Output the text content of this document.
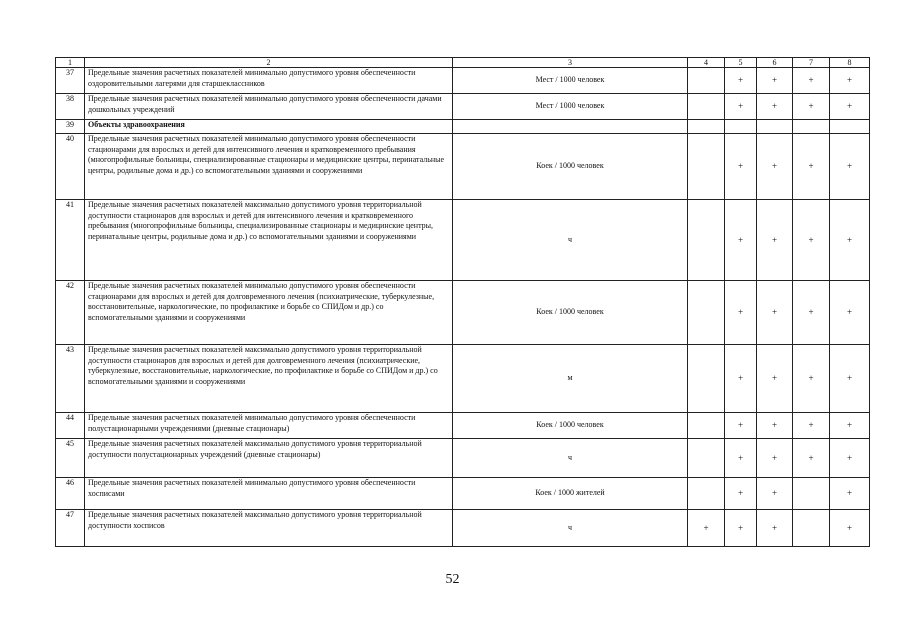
1	2	3	4	5	6	7	8
37	Предельные значения расчетных показателей минимально допустимого уровня обеспеченности оздоровительными лагерями для старшеклассников	Мест / 1000 человек		+	+	+	+
38	Предельные значения расчетных показателей минимально допустимого уровня обеспеченности дачами дошкольных учреждений	Мест / 1000 человек		+	+	+	+
39	Объекты здравоохранения						
40	Предельные значения расчетных показателей минимально допустимого уровня обеспеченности стационарами для взрослых и детей для интенсивного лечения и кратковременного пребывания (многопрофильные больницы, специализированные стационары и медицинские центры, перинатальные центры, родильные дома и др.) со вспомогательными зданиями и сооружениями	Коек / 1000 человек		+	+	+	+
41	Предельные значения расчетных показателей максимально допустимого уровня территориальной доступности стационаров для взрослых и детей для интенсивного лечения и кратковременного пребывания (многопрофильные больницы, специализированные стационары и медицинские центры, перинатальные центры, родильные дома и др.) со вспомогательными зданиями и сооружениями	ч		+	+	+	+
42	Предельные значения расчетных показателей минимально допустимого уровня обеспеченности стационарами для взрослых и детей для долговременного лечения (психиатрические, туберкулезные, восстановительные, наркологические, по профилактике и борьбе со СПИДом и др.) со вспомогательными зданиями и сооружениями	Коек / 1000 человек		+	+	+	+
43	Предельные значения расчетных показателей максимально допустимого уровня территориальной доступности стационаров для взрослых и детей для долговременного лечения (психиатрические, туберкулезные, восстановительные, наркологические, по профилактике и борьбе со СПИДом и др.) со вспомогательными зданиями и сооружениями	м		+	+	+	+
44	Предельные значения расчетных показателей минимально допустимого уровня обеспеченности полустационарными учреждениями (дневные стационары)	Коек / 1000 человек		+	+	+	+
45	Предельные значения расчетных показателей максимально допустимого уровня территориальной доступности полустационарных учреждений (дневные стационары)	ч		+	+	+	+
46	Предельные значения расчетных показателей минимально допустимого уровня обеспеченности хосписами	Коек / 1000 жителей		+	+		+
47	Предельные значения расчетных показателей максимально допустимого уровня территориальной доступности хосписов	ч	+	+	+		+
52
